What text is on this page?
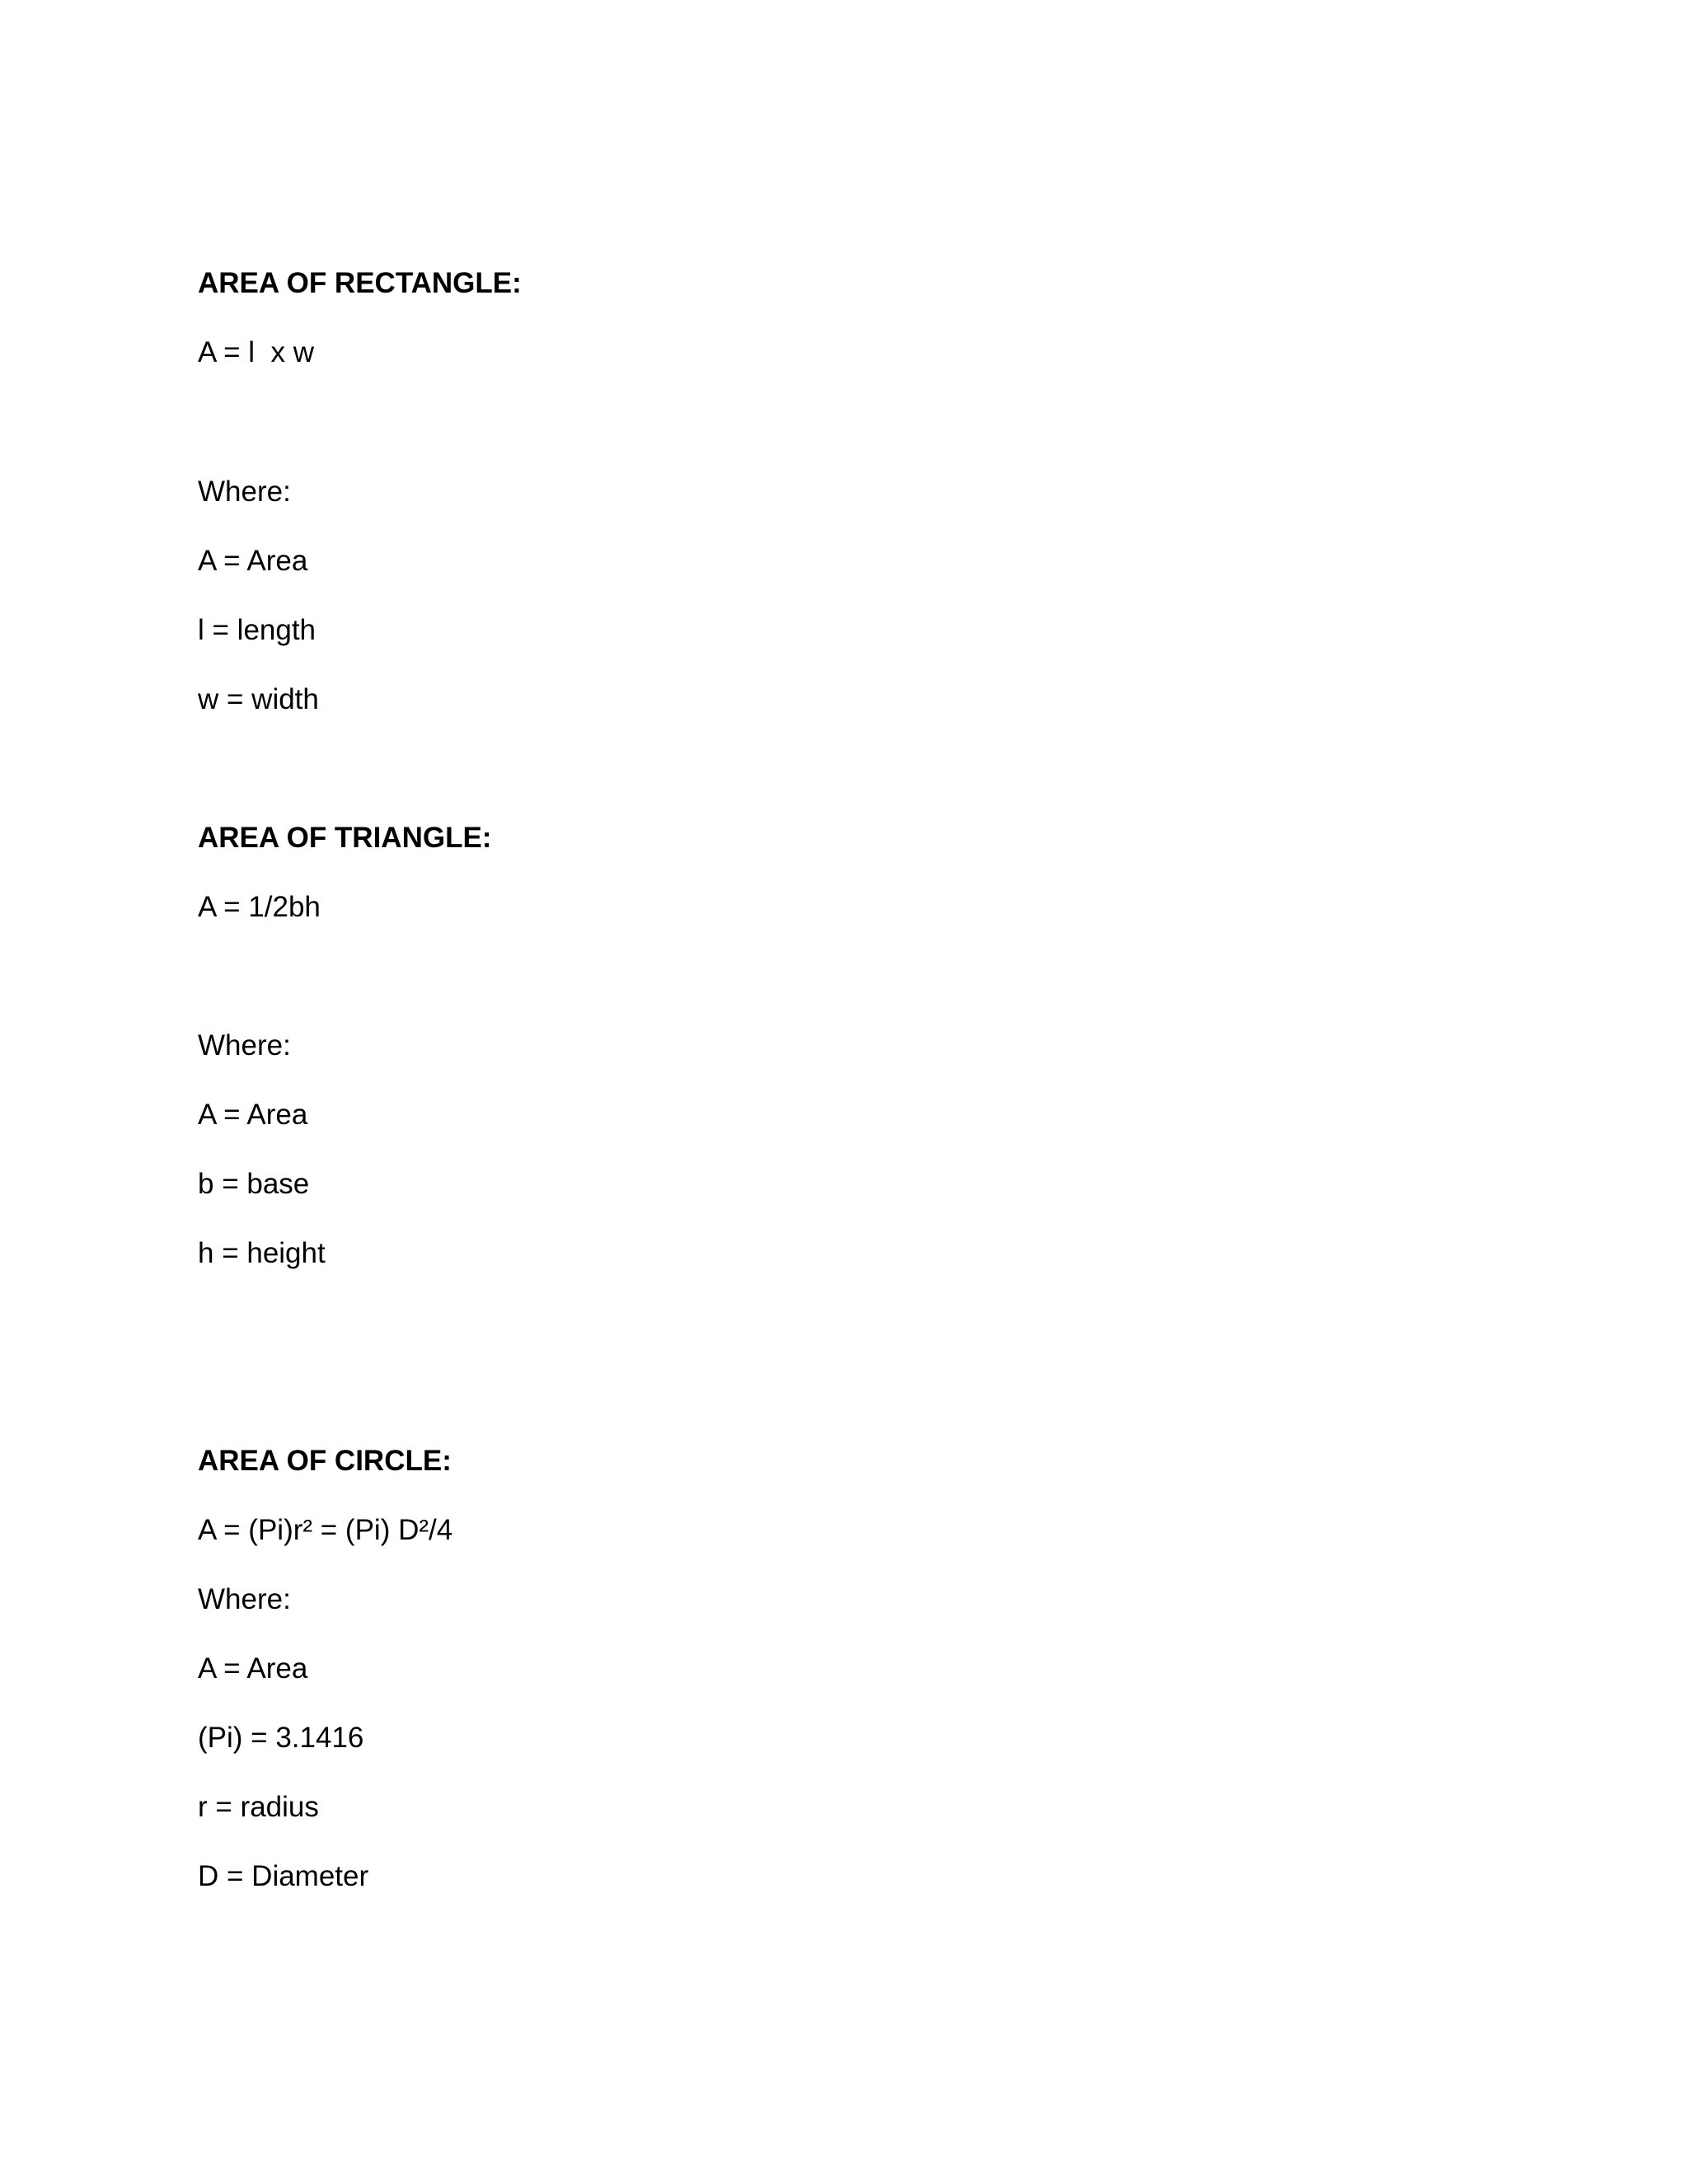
AREA OF RECTANGLE:
A = l  x w
Where:
A = Area
l = length
w = width
AREA OF TRIANGLE:
A = 1/2bh
Where:
A = Area
b = base
h = height
AREA OF CIRCLE:
A = (Pi)r² = (Pi) D²/4
Where:
A = Area
(Pi) = 3.1416
r = radius
D = Diameter
